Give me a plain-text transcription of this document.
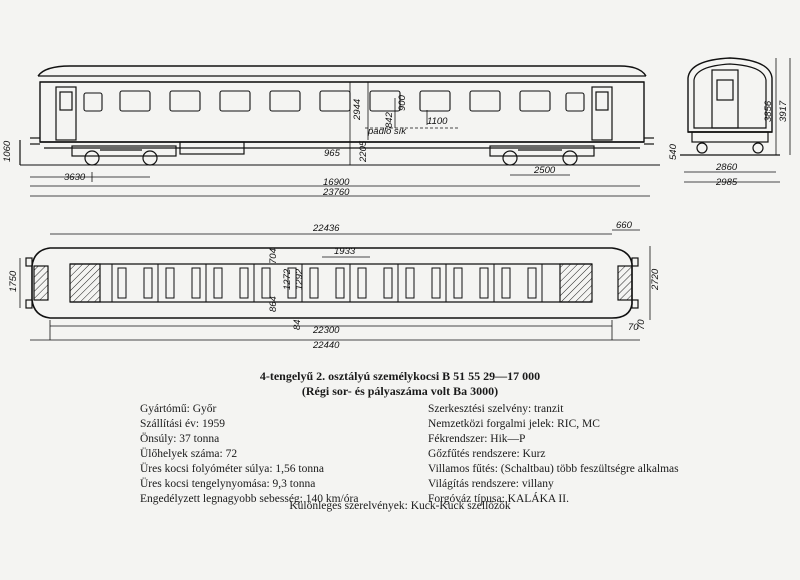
1060
3630	16900
23760
2944	900
842	1100
padló sík
2205
965
2500
3856 3917
540
2860
2985
22436	660
1933
1750	2720
84
704
1272 1292
864
22300
22440
70
70
4-tengelyű 2. osztályú személykocsi B 51 55 29—17 000
(Régi sor- és pályaszáma volt Ba 3000)
Gyártómű: Győr
Szállítási év: 1959
Önsúly: 37 tonna
Ülőhelyek száma: 72
Üres kocsi folyóméter súlya: 1,56 tonna
Üres kocsi tengelynyomása: 9,3 tonna
Engedélyzett legnagyobb sebesség: 140 km/óra
Szerkesztési szelvény: tranzit
Nemzetközi forgalmi jelek: RIC, MC
Fékrendszer: Hik—P
Gőzfűtés rendszere: Kurz
Villamos fűtés: (Schaltbau) több feszültségre alkalmas
Világítás rendszere: villany
Forgóváz típusa: KALÁKA II.
Különleges szerelvények: Kuck-Kuck szellőzők
